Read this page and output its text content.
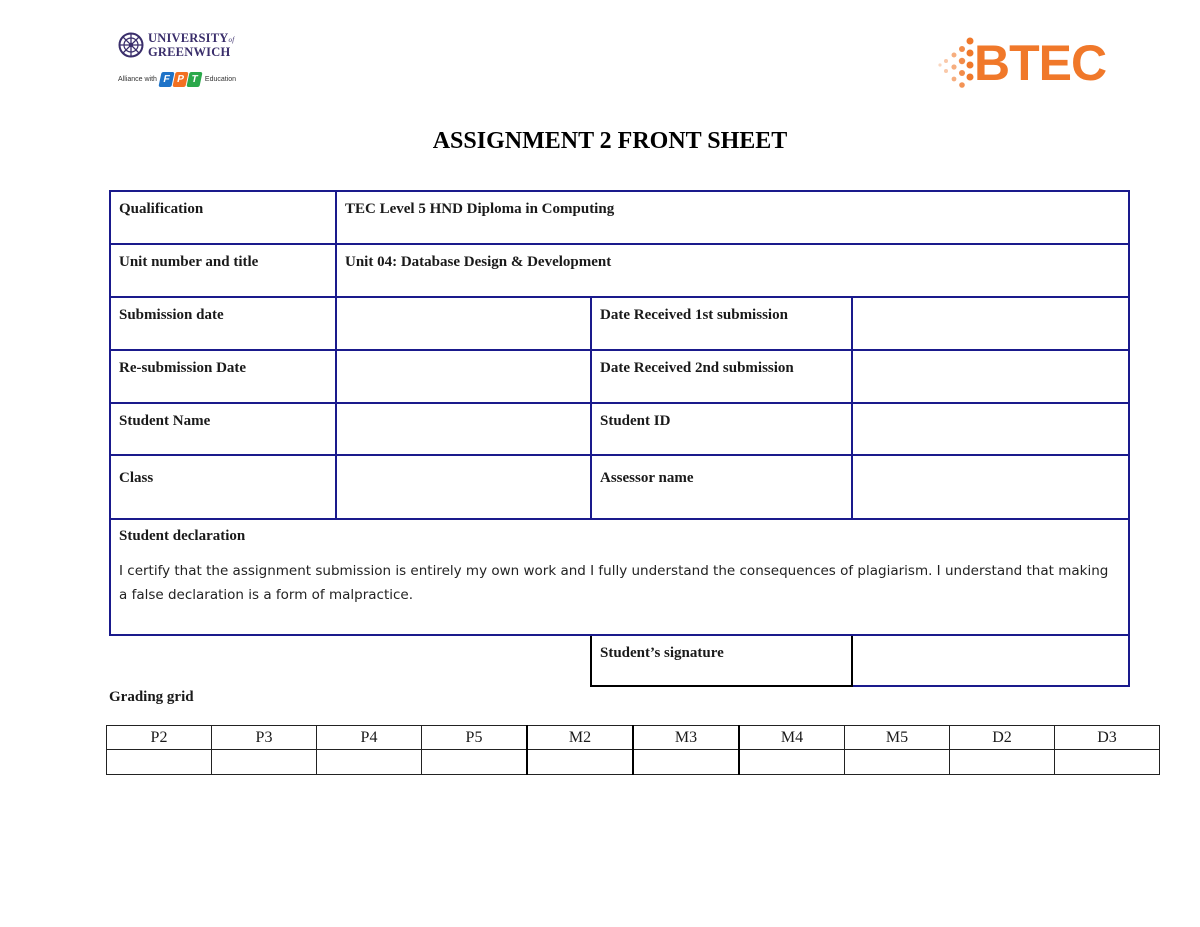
UNIVERSITYof
GREENWICH
Alliance with F P T Education	BTEC
ASSIGNMENT 2 FRONT SHEET
Qualification	TEC Level 5 HND Diploma in Computing		
Unit number and title	Unit 04: Database Design & Development		
Submission date		Date Received 1st submission	
Re-submission Date		Date Received 2nd submission	
Student Name		Student ID	
Class		Assessor name	

Student declaration
I certify that the assignment submission is entirely my own work and I fully understand the consequences of plagiarism. I understand that making a false declaration is a form of malpractice.			

		Student’s signature	
Grading grid
P2	P3	P4	P5	M2	M3	M4	M5	D2	D3
